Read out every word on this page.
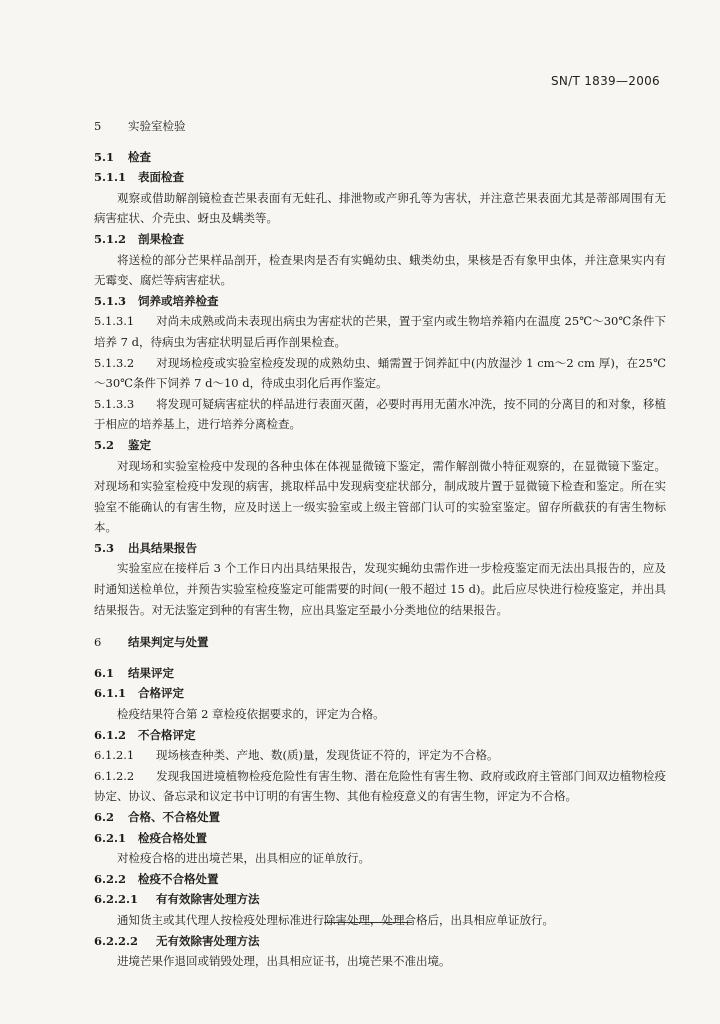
SN/T 1839—2006
5 实验室检验
5.1 检查
5.1.1 表面检查

观察或借助解剖镜检查芒果表面有无蛀孔、排泄物或产卵孔等为害状，并注意芒果表面尤其是蒂部周围有无病害症状、介壳虫、蚜虫及螨类等。

5.1.2 剖果检查

将送检的部分芒果样品剖开，检查果肉是否有实蝇幼虫、蛾类幼虫，果核是否有象甲虫体，并注意果实内有无霉变、腐烂等病害症状。

5.1.3 饲养或培养检查

5.1.3.1 对尚未成熟或尚未表现出病虫为害症状的芒果，置于室内或生物培养箱内在温度 25℃～30℃条件下培养 7 d，待病虫为害症状明显后再作剖果检查。

5.1.3.2 对现场检疫或实验室检疫发现的成熟幼虫、蛹需置于饲养缸中(内放湿沙 1 cm～2 cm 厚)，在25℃～30℃条件下饲养 7 d～10 d，待成虫羽化后再作鉴定。

5.1.3.3 将发现可疑病害症状的样品进行表面灭菌，必要时再用无菌水冲洗，按不同的分离目的和对象，移植于相应的培养基上，进行培养分离检查。

5.2 鉴定

对现场和实验室检疫中发现的各种虫体在体视显微镜下鉴定，需作解剖微小特征观察的，在显微镜下鉴定。对现场和实验室检疫中发现的病害，挑取样品中发现病变症状部分，制成玻片置于显微镜下检查和鉴定。所在实验室不能确认的有害生物，应及时送上一级实验室或上级主管部门认可的实验室鉴定。留存所截获的有害生物标本。

5.3 出具结果报告

实验室应在接样后 3 个工作日内出具结果报告，发现实蝇幼虫需作进一步检疫鉴定而无法出具报告的，应及时通知送检单位，并预告实验室检疫鉴定可能需要的时间(一般不超过 15 d)。此后应尽快进行检疫鉴定，并出具结果报告。对无法鉴定到种的有害生物，应出具鉴定至最小分类地位的结果报告。

6 结果判定与处置
6.1 结果评定
6.1.1 合格评定

检疫结果符合第 2 章检疫依据要求的，评定为合格。

6.1.2 不合格评定

6.1.2.1 现场核查种类、产地、数(质)量，发现货证不符的，评定为不合格。

6.1.2.2 发现我国进境植物检疫危险性有害生物、潜在危险性有害生物、政府或政府主管部门间双边植物检疫协定、协议、备忘录和议定书中订明的有害生物、其他有检疫意义的有害生物，评定为不合格。

6.2 合格、不合格处置
6.2.1 检疫合格处置

对检疫合格的进出境芒果，出具相应的证单放行。

6.2.2 检疫不合格处置
6.2.2.1 有有效除害处理方法

通知货主或其代理人按检疫处理标准进行除害处理，处理合格后，出具相应单证放行。

6.2.2.2 无有效除害处理方法

进境芒果作退回或销毁处理，出具相应证书，出境芒果不准出境。
